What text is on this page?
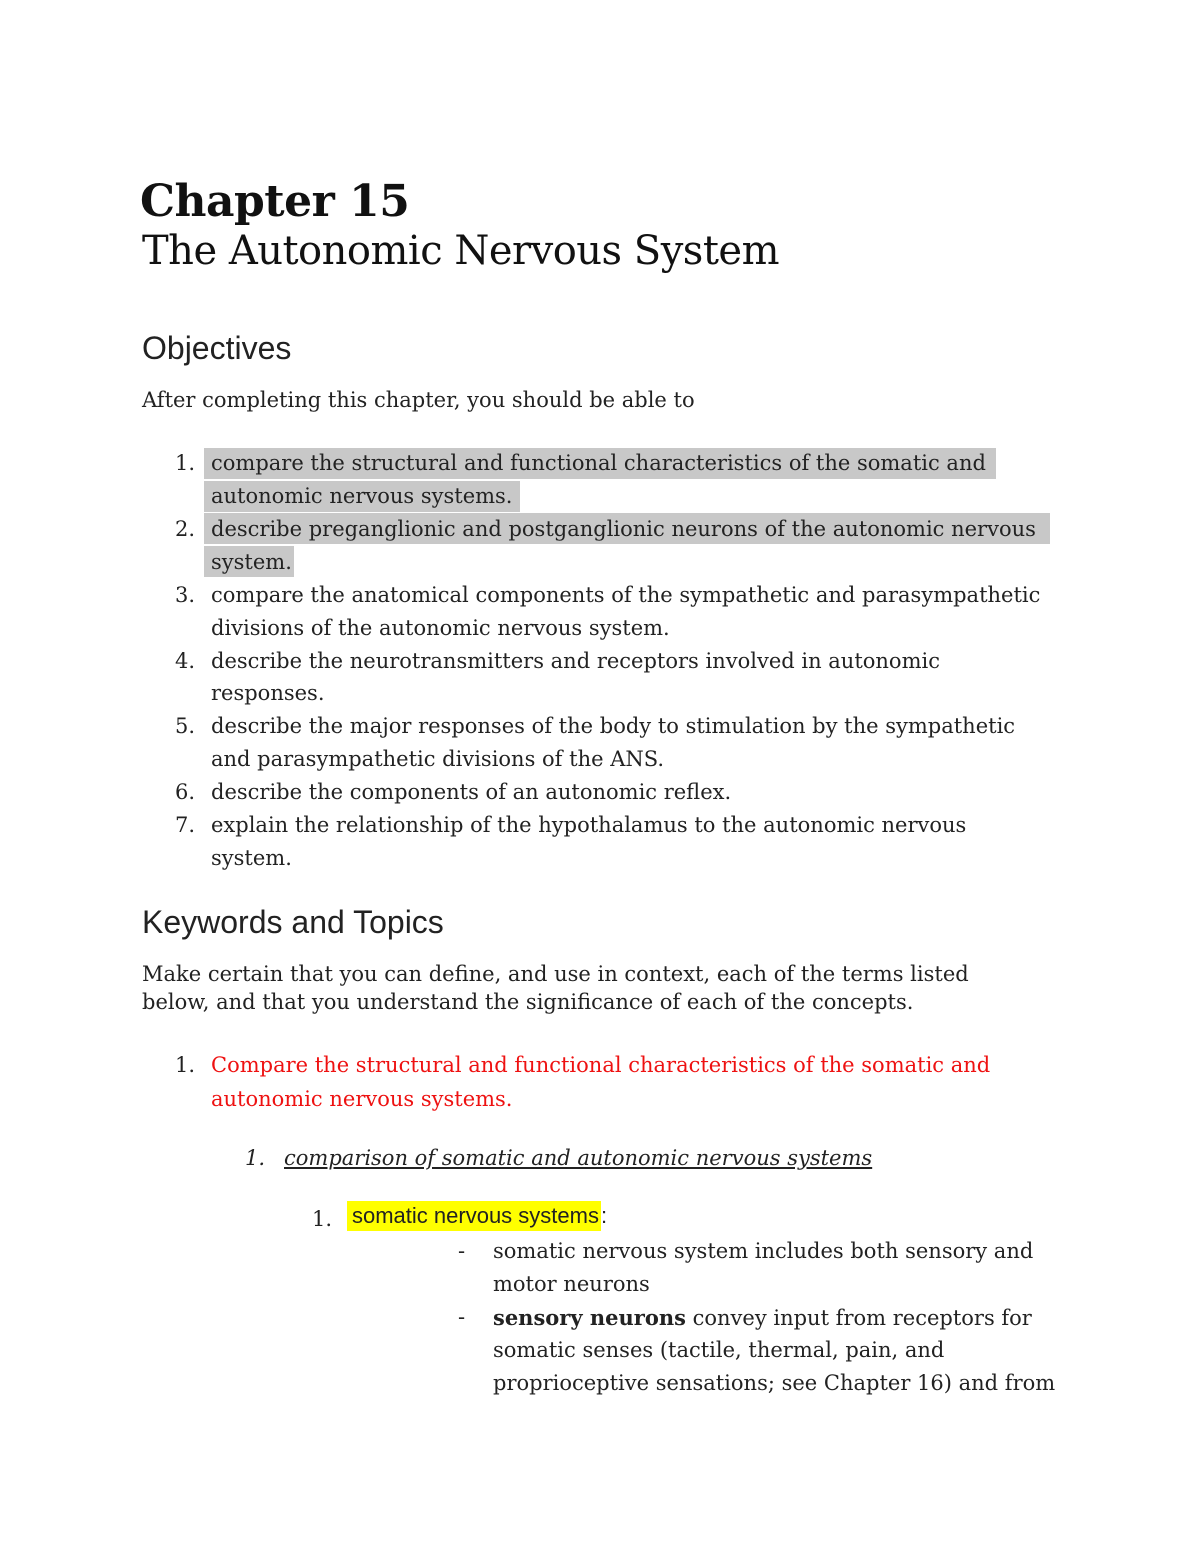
Chapter 15
The Autonomic Nervous System
Objectives
After completing this chapter, you should be able to
1. compare the structural and functional characteristics of the somatic and
autonomic nervous systems.
2. describe preganglionic and postganglionic neurons of the autonomic nervous
system.
3. compare the anatomical components of the sympathetic and parasympathetic
divisions of the autonomic nervous system.
4. describe the neurotransmitters and receptors involved in autonomic
responses.
5. describe the major responses of the body to stimulation by the sympathetic
and parasympathetic divisions of the ANS.
6. describe the components of an autonomic reflex.
7. explain the relationship of the hypothalamus to the autonomic nervous
system.
Keywords and Topics
Make certain that you can define, and use in context, each of the terms listed
below, and that you understand the significance of each of the concepts.
1. Compare the structural and functional characteristics of the somatic and
autonomic nervous systems.
1. comparison of somatic and autonomic nervous systems
1. somatic nervous systems:
- somatic nervous system includes both sensory and
motor neurons
- sensory neurons convey input from receptors for
somatic senses (tactile, thermal, pain, and
proprioceptive sensations; see Chapter 16) and from
